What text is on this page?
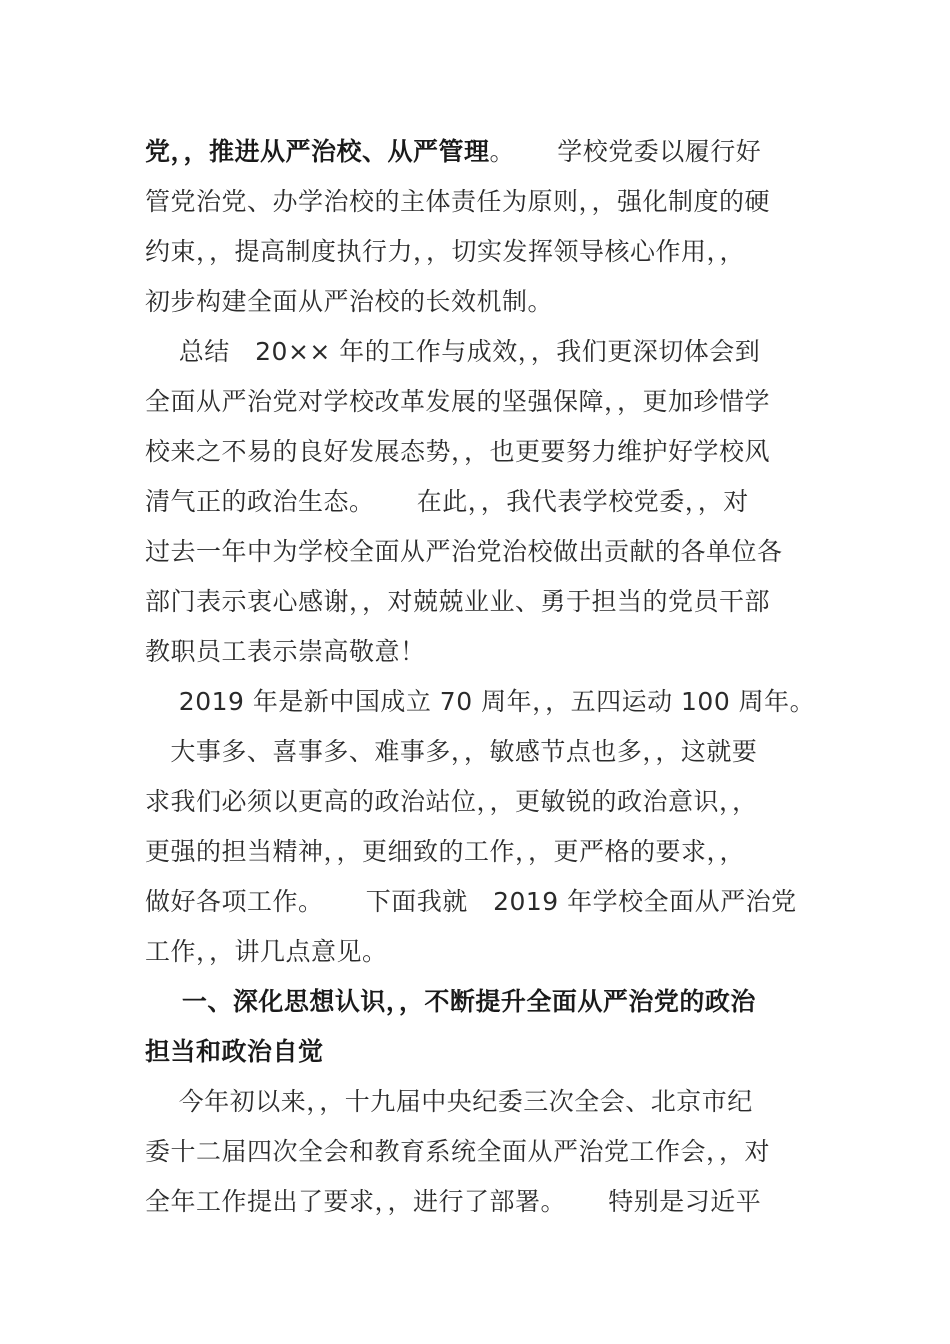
党，，推进从严治校、从严管理。     学校党委以履行好
管党治党、办学治校的主体责任为原则，，强化制度的硬
约束，，提高制度执行力，，切实发挥领导核心作用，，
初步构建全面从严治校的长效机制。
总结   20×× 年的工作与成效，，我们更深切体会到
全面从严治党对学校改革发展的坚强保障，，更加珍惜学
校来之不易的良好发展态势，，也更要努力维护好学校风
清气正的政治生态。     在此，，我代表学校党委，，对
过去一年中为学校全面从严治党治校做出贡献的各单位各
部门表示衷心感谢，，对兢兢业业、勇于担当的党员干部
教职员工表示崇高敬意！
2019 年是新中国成立 70 周年，，五四运动 100 周年。
大事多、喜事多、难事多，，敏感节点也多，，这就要
求我们必须以更高的政治站位，，更敏锐的政治意识，，
更强的担当精神，，更细致的工作，，更严格的要求，，
做好各项工作。     下面我就   2019 年学校全面从严治党
工作，，讲几点意见。
一、深化思想认识，，不断提升全面从严治党的政治
担当和政治自觉
今年初以来，，十九届中央纪委三次全会、北京市纪
委十二届四次全会和教育系统全面从严治党工作会，，对
全年工作提出了要求，，进行了部署。     特别是习近平
